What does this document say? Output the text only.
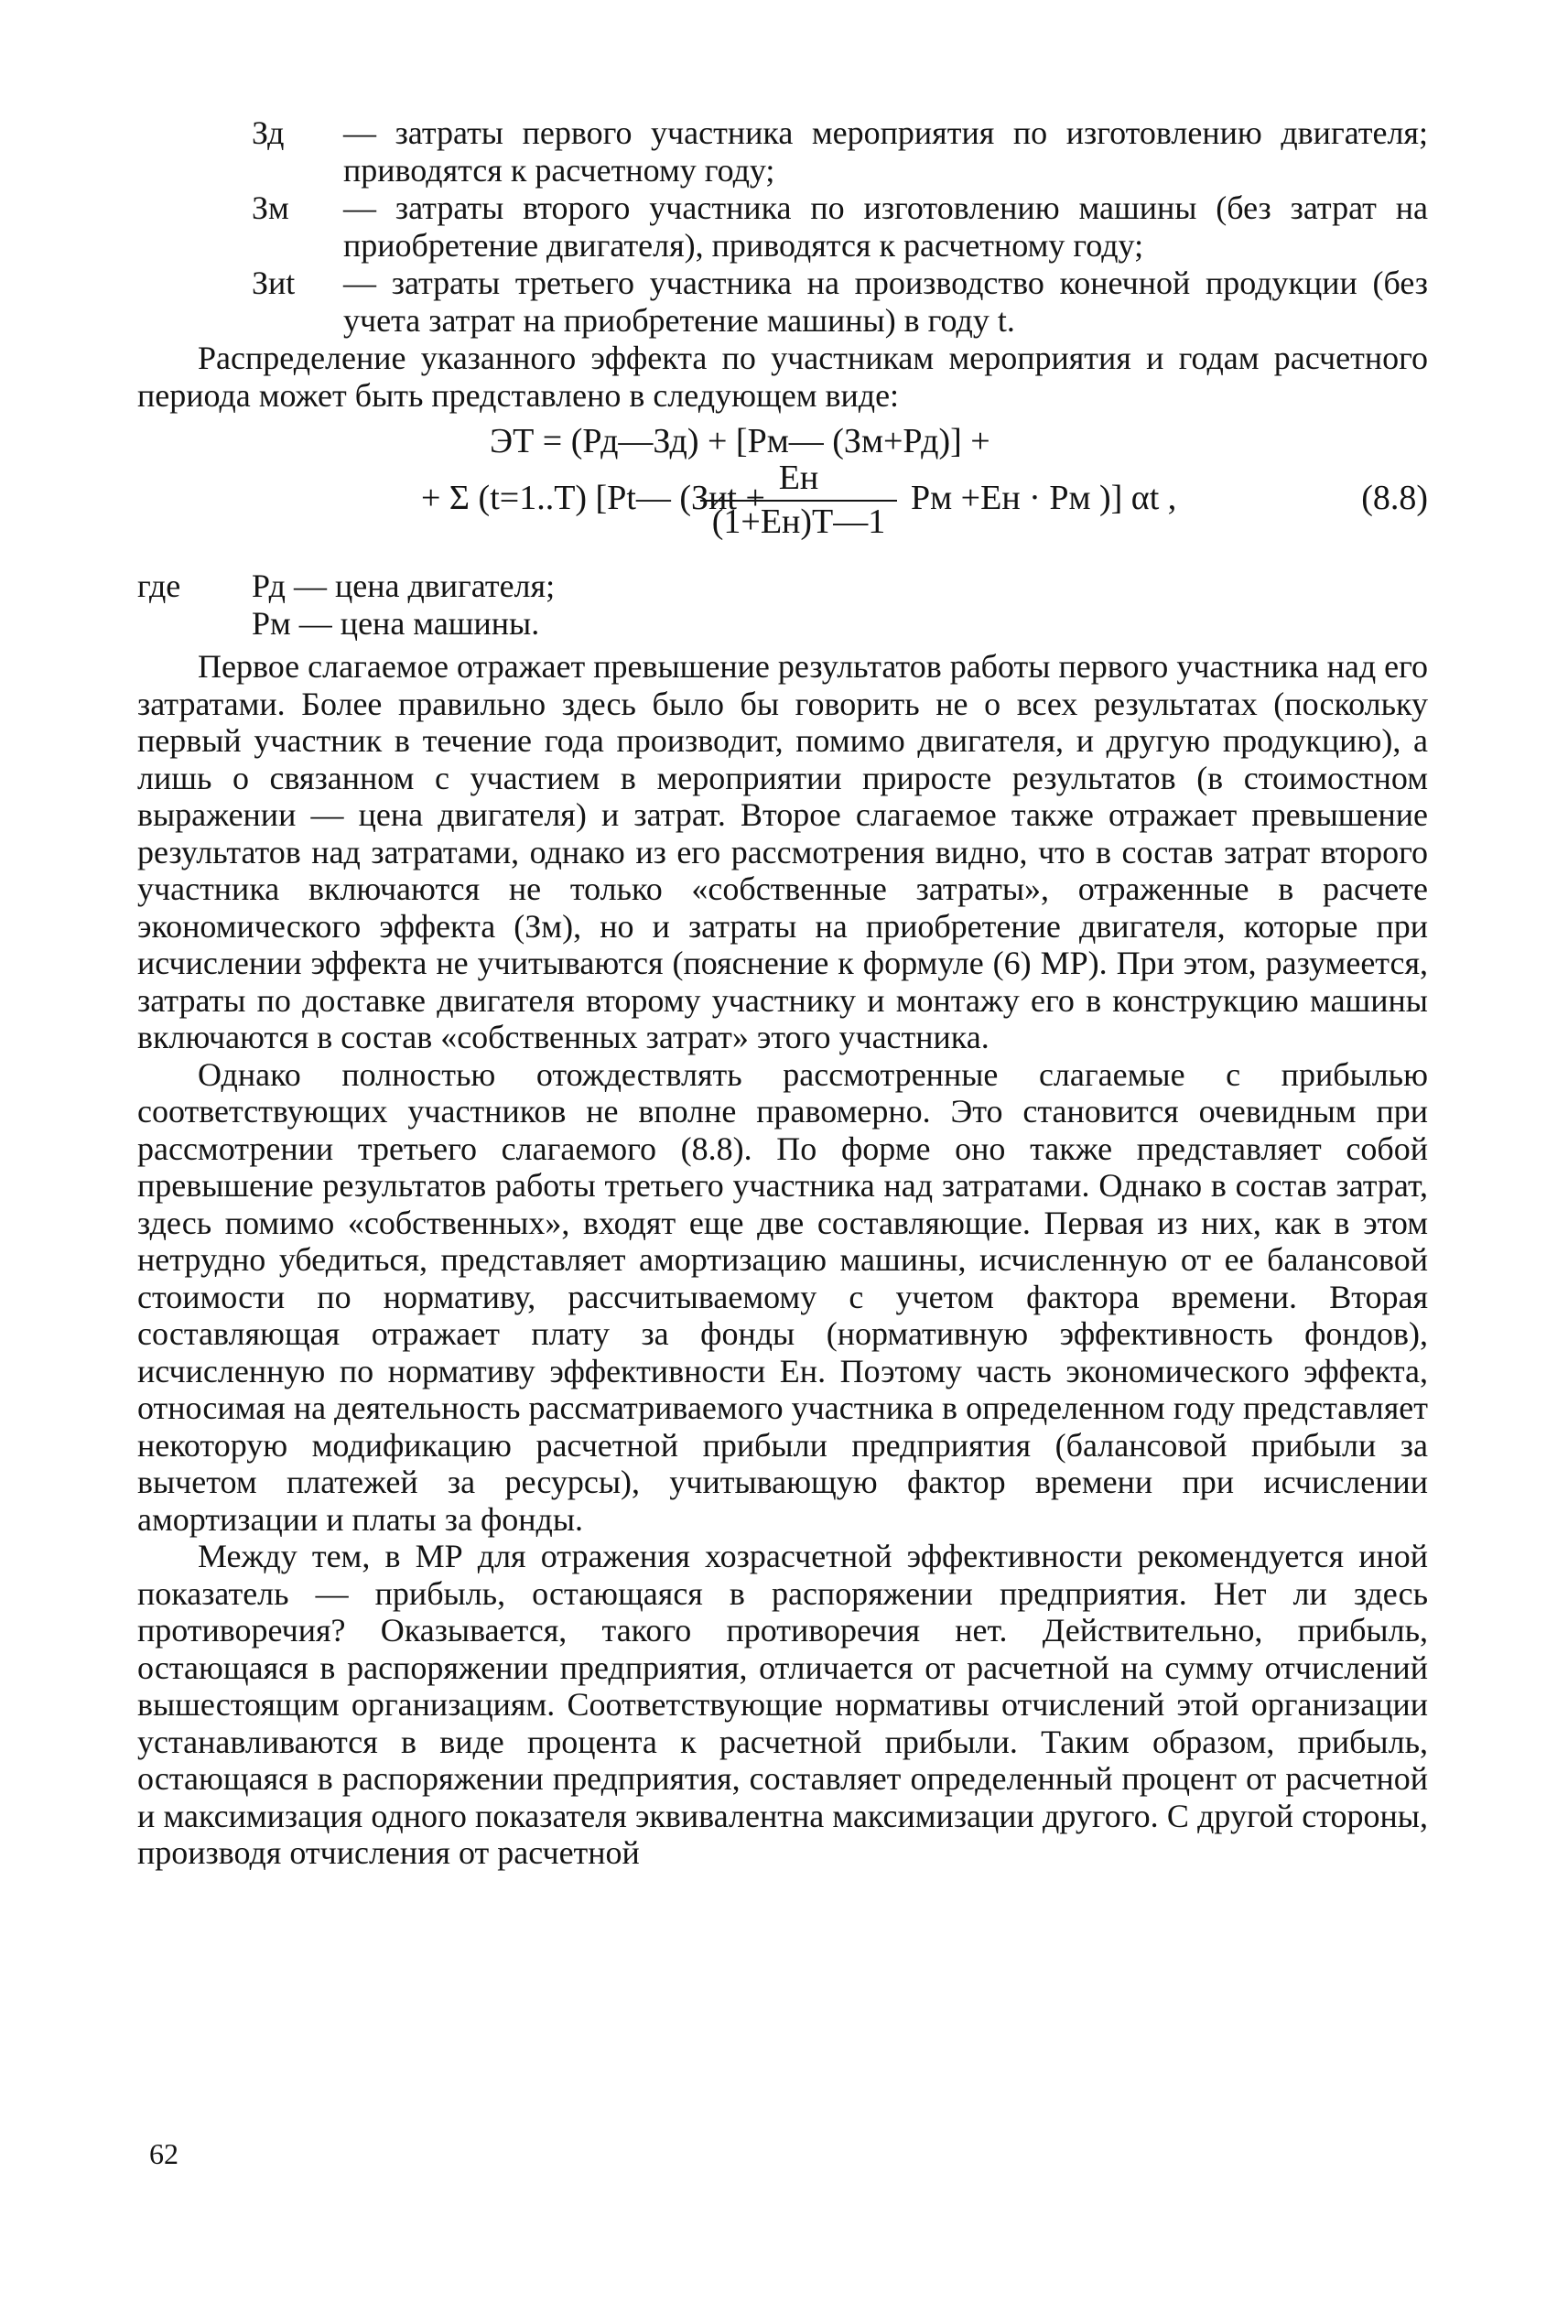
Зд	— затраты первого участника мероприятия по изготовлению двигателя; приводятся к расчетному году;
Зм	— затраты второго участника по изготовлению машины (без затрат на приобретение двигателя), приводятся к расчетному году;
Зиt	— затраты третьего участника на производство конечной продукции (без учета затрат на приобретение машины) в году t.

Распределение указанного эффекта по участникам мероприятия и годам расчетного периода может быть представлено в следующем виде:

ЭТ = (Рд—Зд) + [Рм— (Зм+Рд)] +
+ Σ (t=1..T) [Pt— (Зиt +
Ен
(1+Ен)Т—1
Рм +Ен · Рм )] αt ,	(8.8)
где	Рд — цена двигателя;
Рм — цена машины.

Первое слагаемое отражает превышение результатов работы первого участника над его затратами. Более правильно здесь было бы говорить не о всех результатах (поскольку первый участник в течение года производит, помимо двигателя, и другую продукцию), а лишь о связанном с участием в мероприятии приросте результатов (в стоимостном выражении — цена двигателя) и затрат. Второе слагаемое также отражает превышение результатов над затратами, однако из его рассмотрения видно, что в состав затрат второго участника включаются не только «собственные затраты», отраженные в расчете экономического эффекта (Зм), но и затраты на приобретение двигателя, которые при исчислении эффекта не учитываются (пояснение к формуле (6) МР). При этом, разумеется, затраты по доставке двигателя второму участнику и монтажу его в конструкцию машины включаются в состав «собственных затрат» этого участника.

Однако полностью отождествлять рассмотренные слагаемые с прибылью соответствующих участников не вполне правомерно. Это становится очевидным при рассмотрении третьего слагаемого (8.8). По форме оно также представляет собой превышение результатов работы третьего участника над затратами. Однако в состав затрат, здесь помимо «собственных», входят еще две составляющие. Первая из них, как в этом нетрудно убедиться, представляет амортизацию машины, исчисленную от ее балансовой стоимости по нормативу, рассчитываемому с учетом фактора времени. Вторая составляющая отражает плату за фонды (нормативную эффективность фондов), исчисленную по нормативу эффективности Ен. Поэтому часть экономического эффекта, относимая на деятельность рассматриваемого участника в определенном году представляет некоторую модификацию расчетной прибыли предприятия (балансовой прибыли за вычетом платежей за ресурсы), учитывающую фактор времени при исчислении амортизации и платы за фонды.

Между тем, в МР для отражения хозрасчетной эффективности рекомендуется иной показатель — прибыль, остающаяся в распоряжении предприятия. Нет ли здесь противоречия? Оказывается, такого противоречия нет. Действительно, прибыль, остающаяся в распоряжении предприятия, отличается от расчетной на сумму отчислений вышестоящим организациям. Соответствующие нормативы отчислений этой организации устанавливаются в виде процента к расчетной прибыли. Таким образом, прибыль, остающаяся в распоряжении предприятия, составляет определенный процент от расчетной и максимизация одного показателя эквивалентна максимизации другого. С другой стороны, производя отчисления от расчетной

62
